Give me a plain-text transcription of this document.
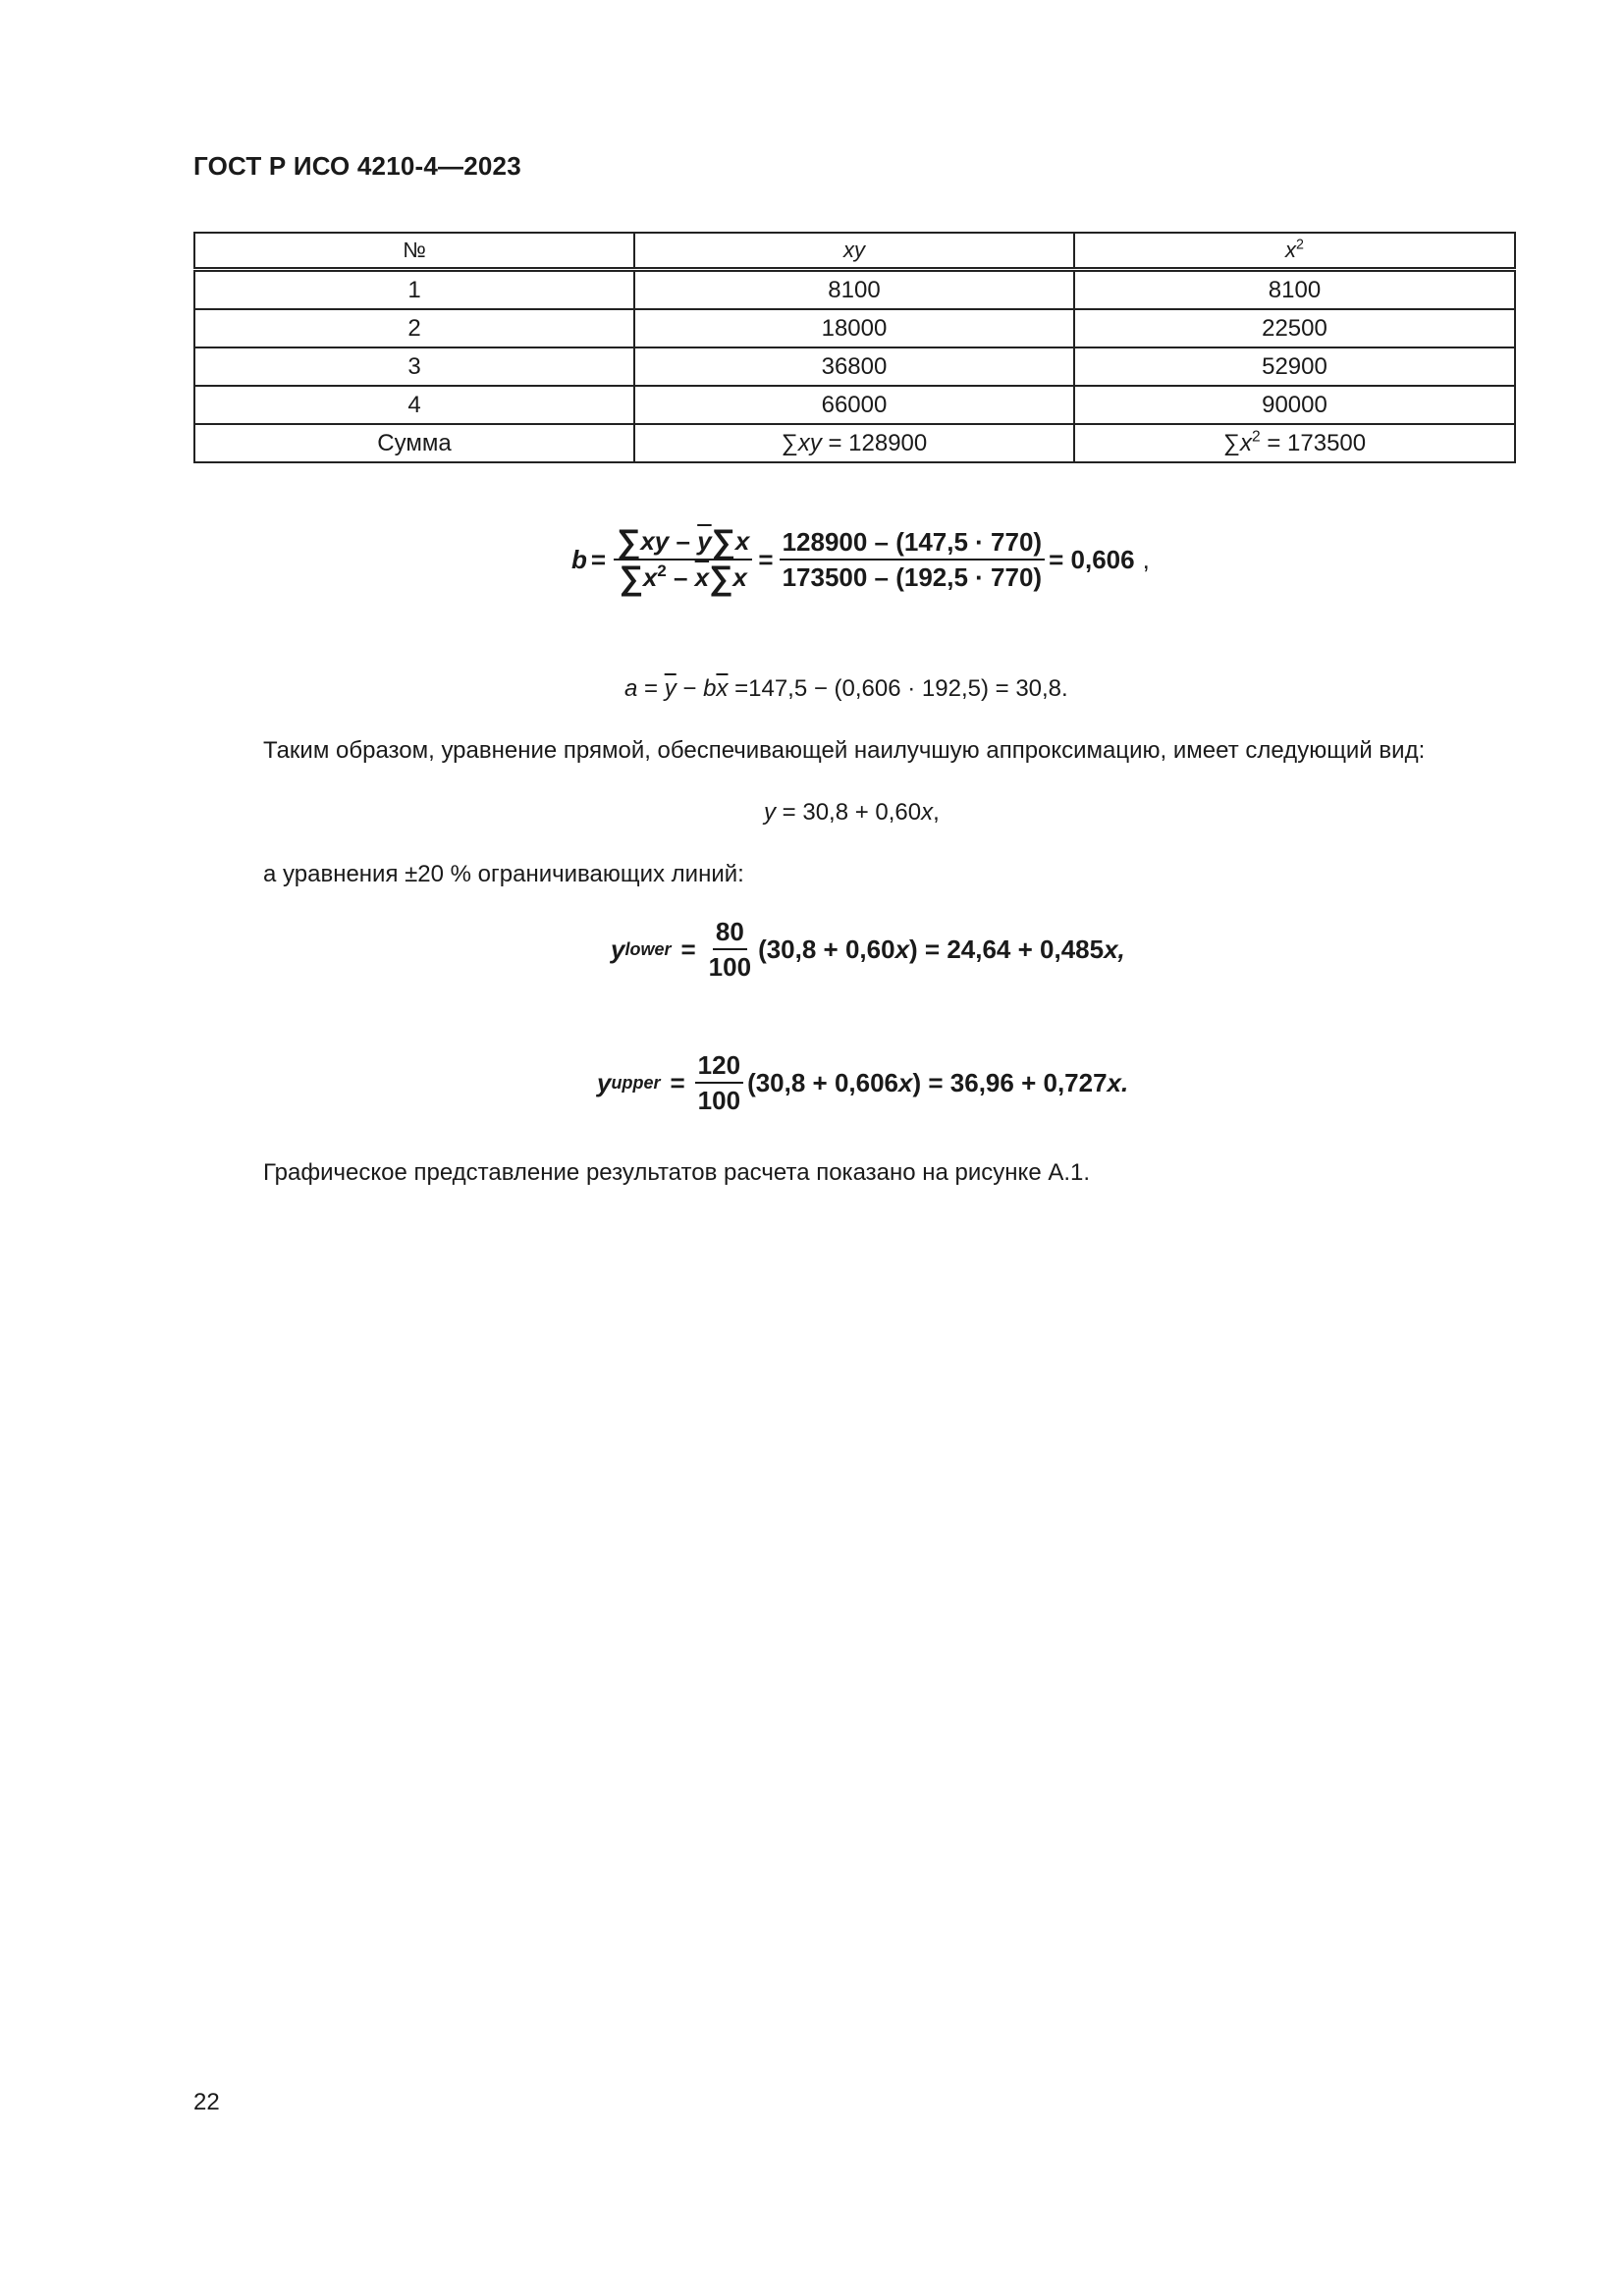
ГОСТ Р ИСО 4210-4—2023
№	xy	$x^2$
1	8100	8100
2	18000	22500
3	36800	52900
4	66000	90000
Сумма	∑xy = 128900	$\sum x^2 = 173500$
$b = \frac{\sum xy - \overline{y}\sum x}{\sum x^2 - \overline{x}\sum x} = \frac{128900 - (147,5 \cdot 770)}{173500 - (192,5 \cdot 770)} = 0,606$ ,
$a = \overline{y} - b\overline{x} =147,5 - (0,606 \cdot 192,5) = 30,8$.
Таким образом, уравнение прямой, обеспечивающей наилучшую аппроксимацию, имеет следующий вид:
y = 30,8 + 0,60x,
а уравнения ±20 % ограничивающих линий:
y lower = $\frac{80}{100} (30,8 + 0,60$ x ) = 24,64 + 0,485 x ,
y upper = $\frac{120}{100} (30,8 + 0,606$ x ) = 36,96 + 0,727 x .
Графическое представление результатов расчета показано на рисунке А.1.
22
